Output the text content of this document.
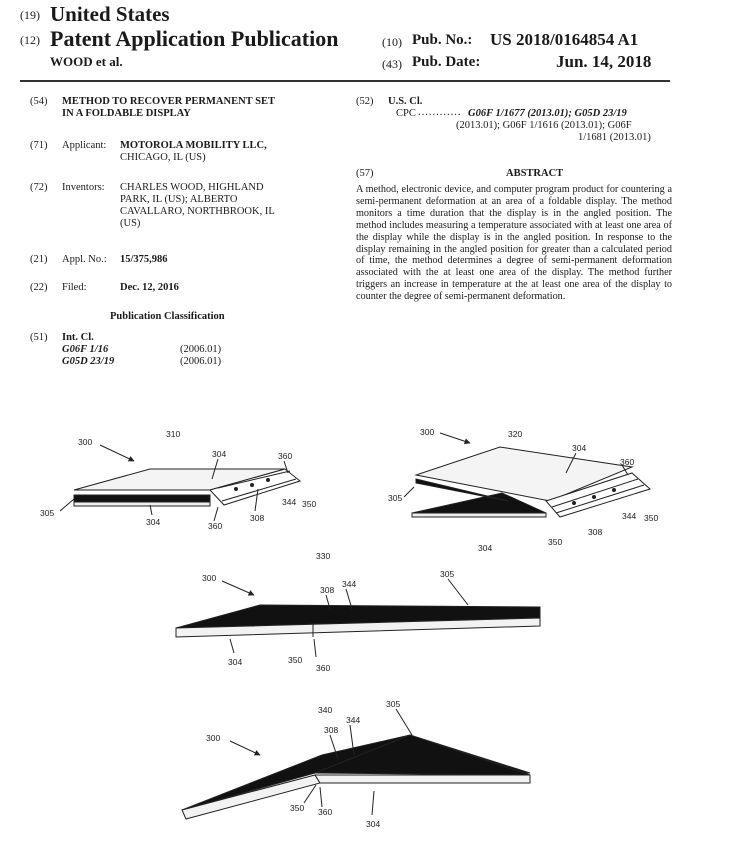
(19) United States
(12) Patent Application Publication
WOOD et al.
(10) Pub. No.: US 2018/0164854 A1
(43) Pub. Date:	Jun. 14, 2018
(54)	METHOD TO RECOVER PERMANENT SET
IN A FOLDABLE DISPLAY
(71)	Applicant: MOTOROLA MOBILITY LLC,
CHICAGO, IL (US)
(72)	Inventors: CHARLES WOOD, HIGHLAND
PARK, IL (US); ALBERTO
CAVALLARO, NORTHBROOK, IL
(US)
(21)	Appl. No.: 15/375,986
(22)	Filed:	Dec. 12, 2016
Publication Classification
(51)	Int. Cl.
G06F 1/16	(2006.01)
G05D 23/19	(2006.01)
(52)	U.S. Cl.
CPC ............ G06F 1/1677 (2013.01); G05D 23/19
(2013.01); G06F 1/1616 (2013.01); G06F
1/1681 (2013.01)
(57)	ABSTRACT
A method, electronic device, and computer program product for countering a semi-permanent deformation at an area of a foldable display. The method monitors a time duration that the display is in the angled position. The method includes measuring a temperature associated with at least one area of the display while the display is in the angled position. In response to the display remaining in the angled position for greater than a calculated period of time, the method determines a degree of semi-permanent deformation associated with the at least one area of the display. The method further triggers an increase in temperature at the at least one area of the display to counter the degree of semi-permanent deformation.
310
300
304	360
305
304	360
308
344 350
320
300
304
360
305
344 350
308
304
350
330
300
308
344
305
304	350
360
340
300
308
344
305
350 360
304
